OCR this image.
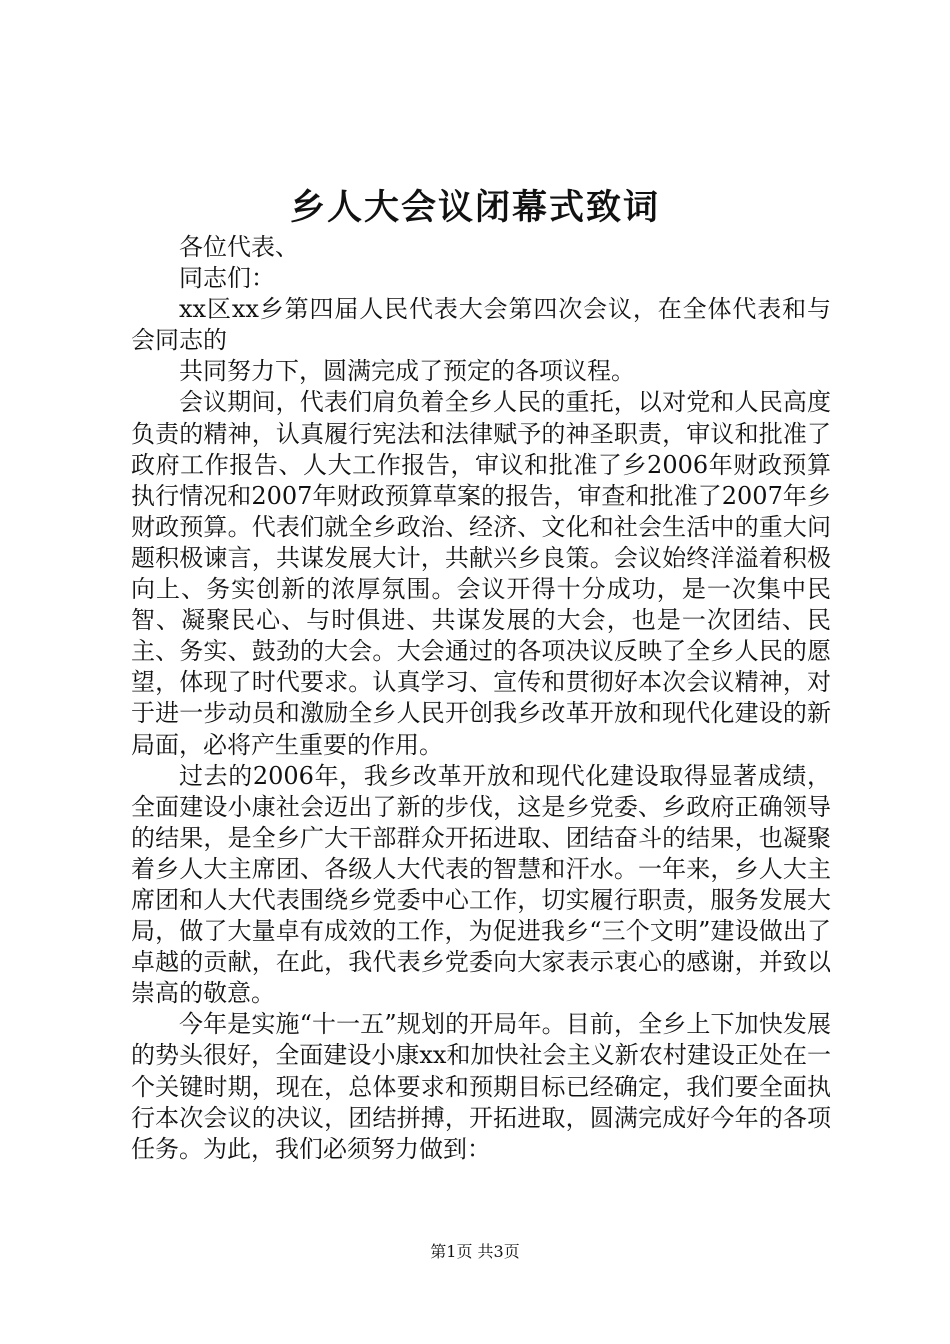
乡人大会议闭幕式致词

各位代表、

同志们：

xx区xx乡第四届人民代表大会第四次会议，在全体代表和与会同志的

共同努力下，圆满完成了预定的各项议程。

会议期间，代表们肩负着全乡人民的重托，以对党和人民高度负责的精神，认真履行宪法和法律赋予的神圣职责，审议和批准了政府工作报告、人大工作报告，审议和批准了乡2006年财政预算执行情况和2007年财政预算草案的报告，审查和批准了2007年乡财政预算。代表们就全乡政治、经济、文化和社会生活中的重大问题积极谏言，共谋发展大计，共献兴乡良策。会议始终洋溢着积极向上、务实创新的浓厚氛围。会议开得十分成功，是一次集中民智、凝聚民心、与时俱进、共谋发展的大会，也是一次团结、民主、务实、鼓劲的大会。大会通过的各项决议反映了全乡人民的愿望，体现了时代要求。认真学习、宣传和贯彻好本次会议精神，对于进一步动员和激励全乡人民开创我乡改革开放和现代化建设的新局面，必将产生重要的作用。

过去的2006年，我乡改革开放和现代化建设取得显著成绩，全面建设小康社会迈出了新的步伐，这是乡党委、乡政府正确领导的结果，是全乡广大干部群众开拓进取、团结奋斗的结果，也凝聚着乡人大主席团、各级人大代表的智慧和汗水。一年来，乡人大主席团和人大代表围绕乡党委中心工作，切实履行职责，服务发展大局，做了大量卓有成效的工作，为促进我乡“三个文明”建设做出了卓越的贡献，在此，我代表乡党委向大家表示衷心的感谢，并致以崇高的敬意。

今年是实施“十一五”规划的开局年。目前，全乡上下加快发展的势头很好，全面建设小康xx和加快社会主义新农村建设正处在一个关键时期，现在，总体要求和预期目标已经确定，我们要全面执行本次会议的决议，团结拼搏，开拓进取，圆满完成好今年的各项任务。为此，我们必须努力做到：

第1页 共3页
